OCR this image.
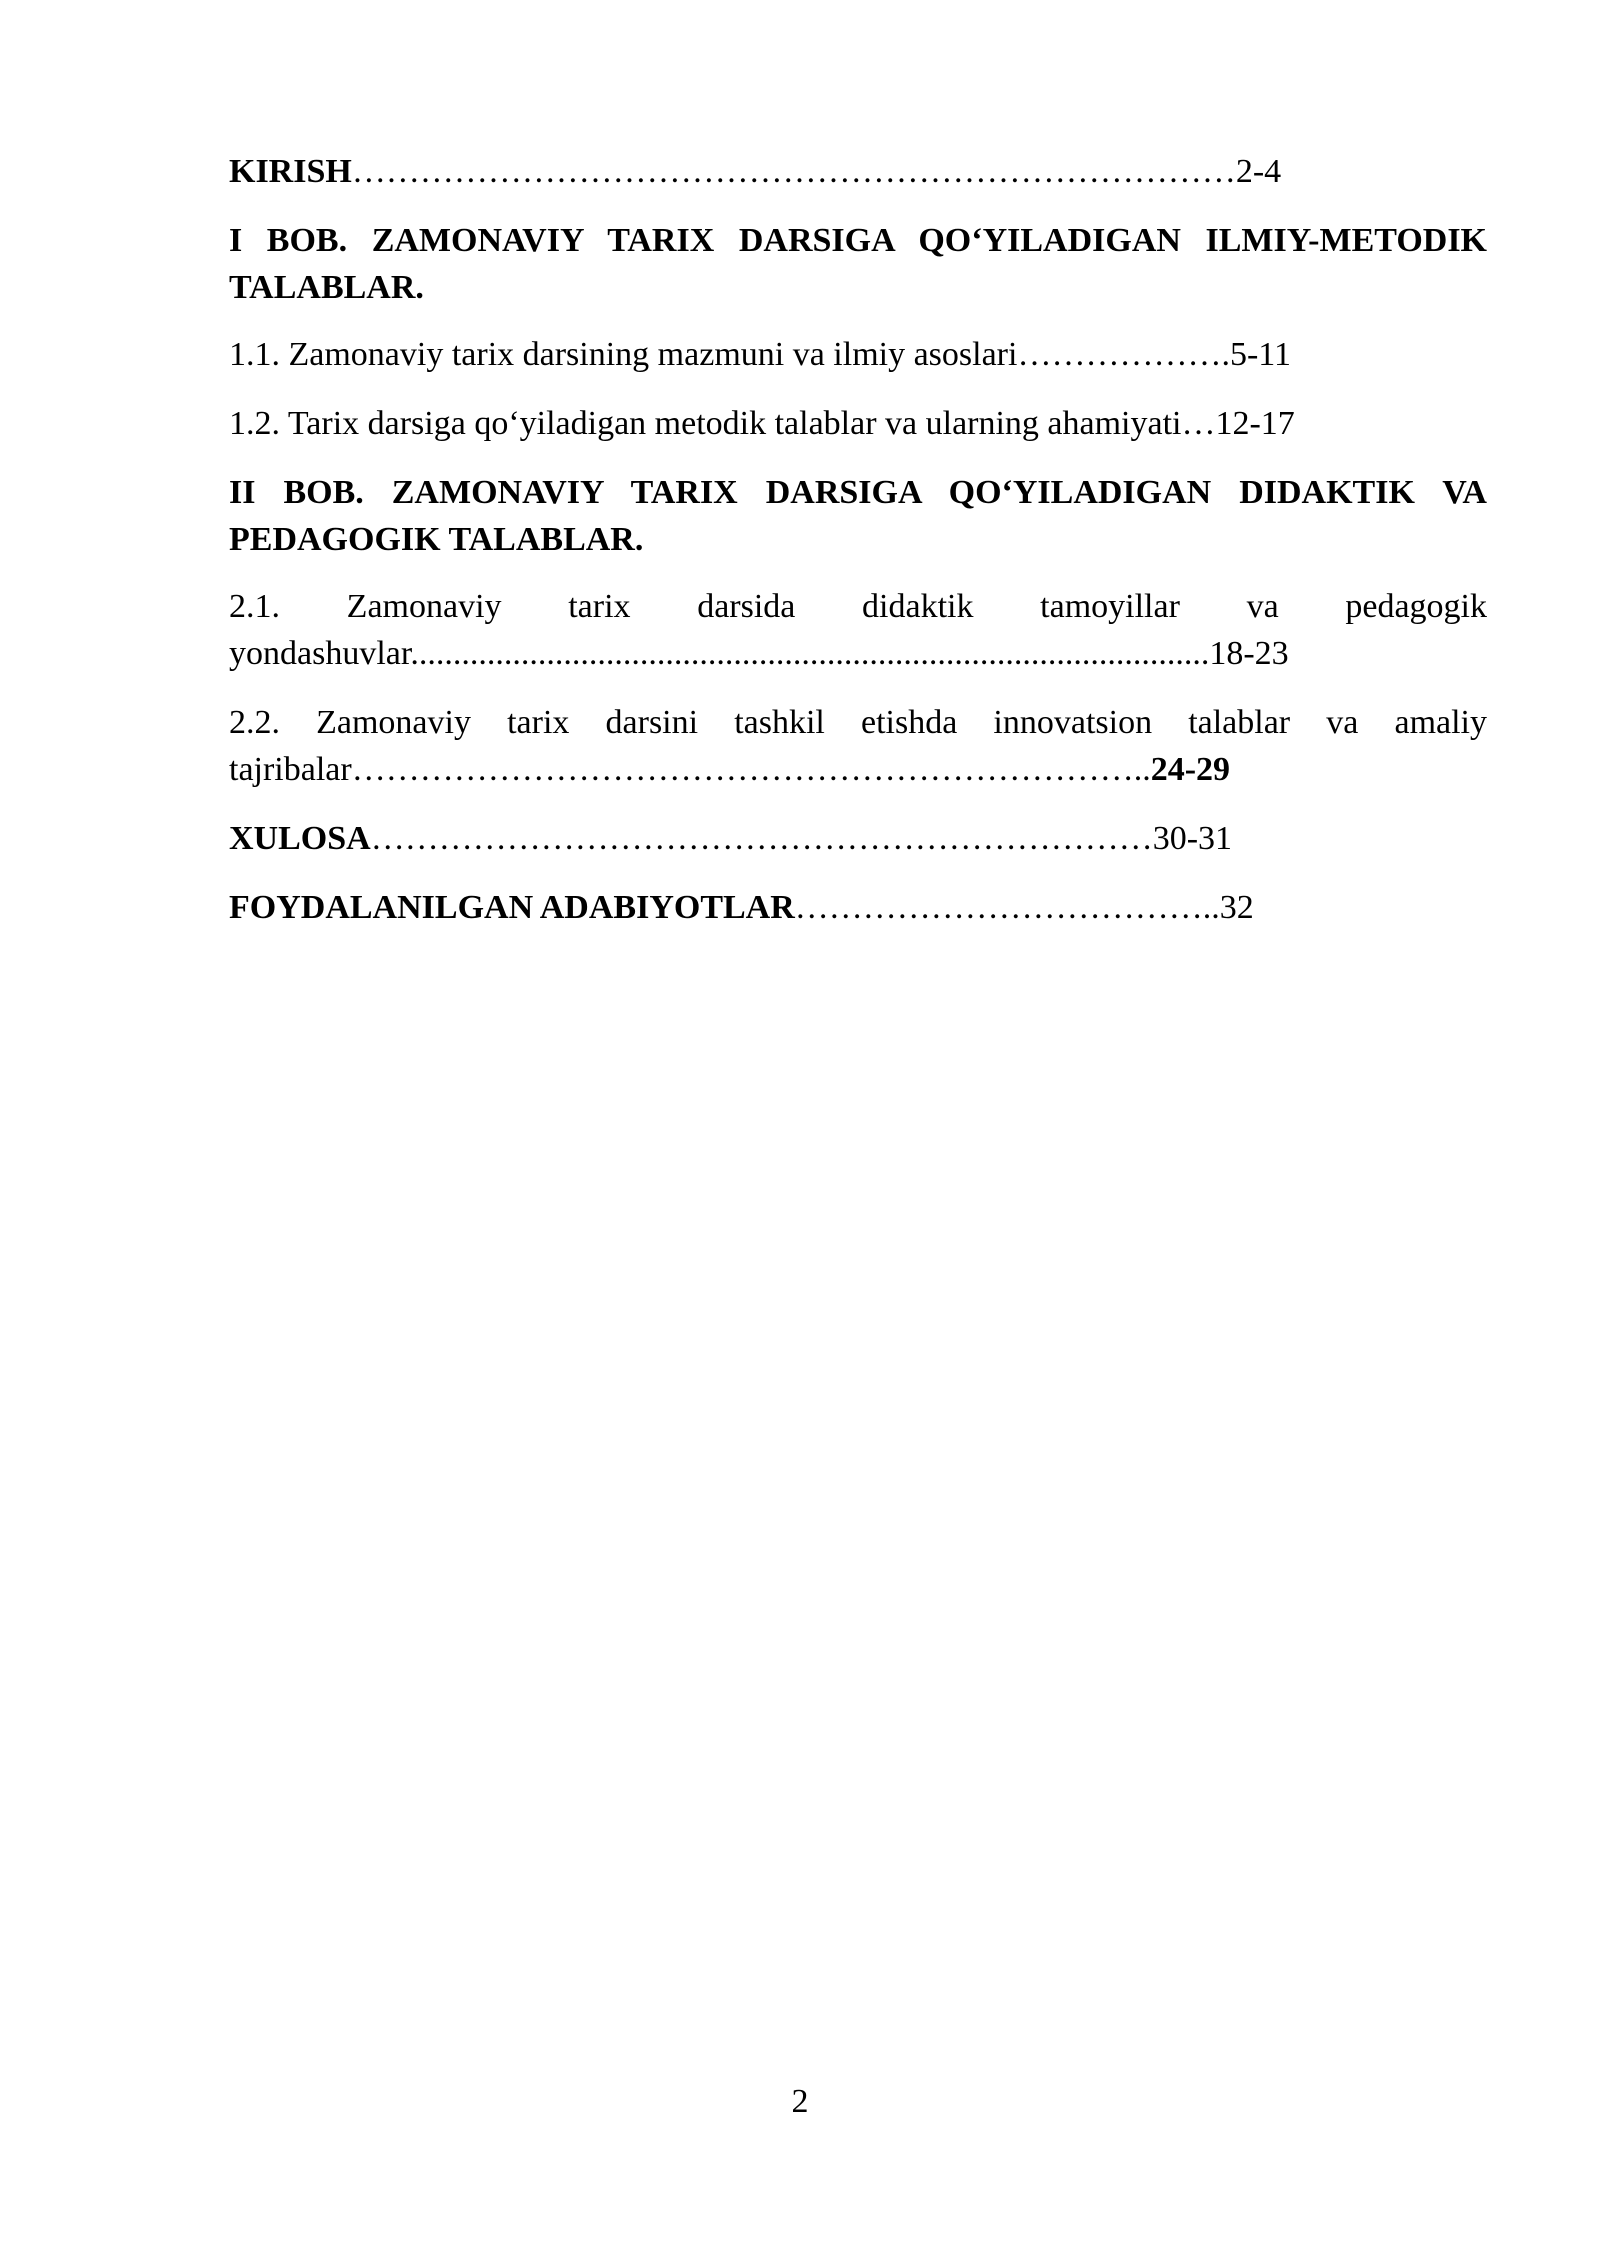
KIRISH……………………………………………………………………2-4

I BOB. ZAMONAVIY TARIX DARSIGA QO‘YILADIGAN ILMIY-METODIK TALABLAR.

1.1. Zamonaviy tarix darsining mazmuni va ilmiy asoslari……………….5-11

1.2. Tarix darsiga qo‘yiladigan metodik talablar va ularning ahamiyati…12-17

II BOB. ZAMONAVIY TARIX DARSIGA QO‘YILADIGAN DIDAKTIK VA PEDAGOGIK TALABLAR.

2.1. Zamonaviy tarix darsida didaktik tamoyillar va pedagogik yondashuvlar..............................................................................................18-23

2.2. Zamonaviy tarix darsini tashkil etishda innovatsion talablar va amaliy tajribalar……………………………………………………………..24-29

XULOSA……………………………………………………………30-31

FOYDALANILGAN ADABIYOTLAR………………………………..32

2
